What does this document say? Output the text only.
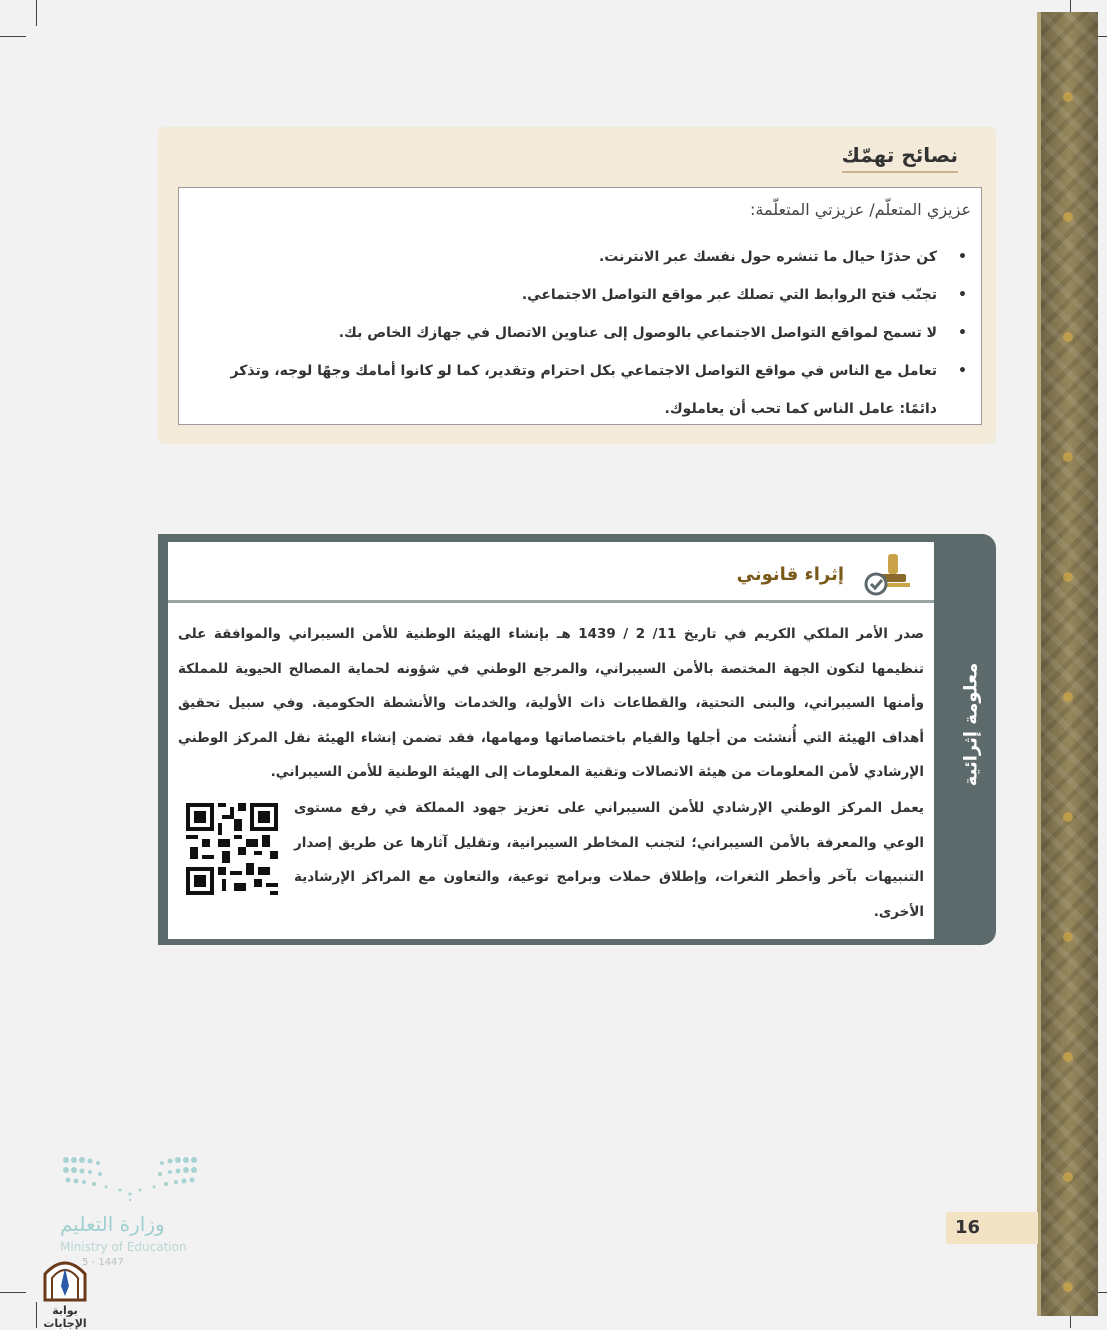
نصائح تهمّك
عزيزي المتعلّم/ عزيزتي المتعلّمة:
• كن حذرًا حيال ما تنشره حول نفسك عبر الانترنت.
• تجنّب فتح الروابط التي تصلك عبر مواقع التواصل الاجتماعي.
• لا تسمح لمواقع التواصل الاجتماعي بالوصول إلى عناوين الاتصال في جهازك الخاص بك.
• تعامل مع الناس في مواقع التواصل الاجتماعي بكل احترام وتقدير، كما لو كانوا أمامك وجهًا لوجه، وتذكر دائمًا: عامل الناس كما تحب أن يعاملوك.
معلومة إثرائية
إثراء قانوني
صدر الأمر الملكي الكريم في تاريخ 11/ 2 / 1439 هـ بإنشاء الهيئة الوطنية للأمن السيبراني والموافقة على تنظيمها لتكون الجهة المختصة بالأمن السيبراني، والمرجع الوطني في شؤونه لحماية المصالح الحيوية للمملكة وأمنها السيبراني، والبنى التحتية، والقطاعات ذات الأولية، والخدمات والأنشطة الحكومية. وفي سبيل تحقيق أهداف الهيئة التي أُنشئت من أجلها والقيام باختصاصاتها ومهامها، فقد تضمن إنشاء الهيئة نقل المركز الوطني الإرشادي لأمن المعلومات من هيئة الاتصالات وتقنية المعلومات إلى الهيئة الوطنية للأمن السيبراني.
يعمل المركز الوطني الإرشادي للأمن السيبراني على تعزيز جهود المملكة في رفع مستوى الوعي والمعرفة بالأمن السيبراني؛ لتجنب المخاطر السيبرانية، وتقليل آثارها عن طريق إصدار التنبيهات بآخر وأخطر الثغرات، وإطلاق حملات وبرامج توعية، والتعاون مع المراكز الإرشادية الأخرى.
16
وزارة التعليم
Ministry of Education
5 - 1447
بوابة الإجابات
